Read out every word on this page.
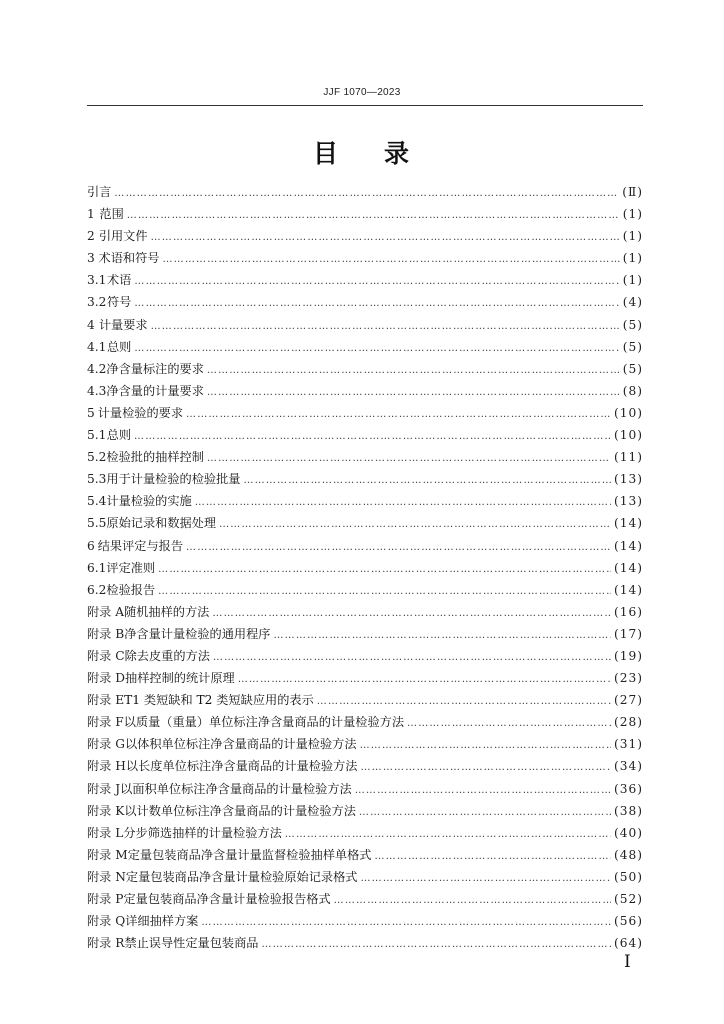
JJF 1070—2023
目 录
引言 ………………………………………………………………………………………………………………………………………………………………………………………………………………	(Ⅱ)
1 范围 ………………………………………………………………………………………………………………………………………………………………………………………………………………	(1)
2 引用文件 ………………………………………………………………………………………………………………………………………………………………………………………………………………	(1)
3 术语和符号 ………………………………………………………………………………………………………………………………………………………………………………………………………………	(1)
3.1 术语 ………………………………………………………………………………………………………………………………………………………………………………………………………………	(1)
3.2 符号 ………………………………………………………………………………………………………………………………………………………………………………………………………………	(4)
4 计量要求 ………………………………………………………………………………………………………………………………………………………………………………………………………………	(5)
4.1 总则 ………………………………………………………………………………………………………………………………………………………………………………………………………………	(5)
4.2 净含量标注的要求 ………………………………………………………………………………………………………………………………………………………………………………………………………………	(5)
4.3 净含量的计量要求 ………………………………………………………………………………………………………………………………………………………………………………………………………………	(8)
5 计量检验的要求 ………………………………………………………………………………………………………………………………………………………………………………………………………………	(10)
5.1 总则 ………………………………………………………………………………………………………………………………………………………………………………………………………………	(10)
5.2 检验批的抽样控制 ………………………………………………………………………………………………………………………………………………………………………………………………………………	(11)
5.3 用于计量检验的检验批量 ………………………………………………………………………………………………………………………………………………………………………………………………………………	(13)
5.4 计量检验的实施 ………………………………………………………………………………………………………………………………………………………………………………………………………………	(13)
5.5 原始记录和数据处理 ………………………………………………………………………………………………………………………………………………………………………………………………………………	(14)
6 结果评定与报告 ………………………………………………………………………………………………………………………………………………………………………………………………………………	(14)
6.1 评定准则 ………………………………………………………………………………………………………………………………………………………………………………………………………………	(14)
6.2 检验报告 ………………………………………………………………………………………………………………………………………………………………………………………………………………	(14)
附录 A 随机抽样的方法 ………………………………………………………………………………………………………………………………………………………………………………………………………………	(16)
附录 B 净含量计量检验的通用程序 ………………………………………………………………………………………………………………………………………………………………………………………………………………	(17)
附录 C 除去皮重的方法 ………………………………………………………………………………………………………………………………………………………………………………………………………………	(19)
附录 D 抽样控制的统计原理 ………………………………………………………………………………………………………………………………………………………………………………………………………………	(23)
附录 E T1 类短缺和 T2 类短缺应用的表示 ………………………………………………………………………………………………………………………………………………………………………………………………………………	(27)
附录 F 以质量（重量）单位标注净含量商品的计量检验方法 ………………………………………………………………………………………………………………………………………………………………………………………………………………	(28)
附录 G 以体积单位标注净含量商品的计量检验方法 ………………………………………………………………………………………………………………………………………………………………………………………………………………	(31)
附录 H 以长度单位标注净含量商品的计量检验方法 ………………………………………………………………………………………………………………………………………………………………………………………………………………	(34)
附录 J 以面积单位标注净含量商品的计量检验方法 ………………………………………………………………………………………………………………………………………………………………………………………………………………	(36)
附录 K 以计数单位标注净含量商品的计量检验方法 ………………………………………………………………………………………………………………………………………………………………………………………………………………	(38)
附录 L 分步筛选抽样的计量检验方法 ………………………………………………………………………………………………………………………………………………………………………………………………………………	(40)
附录 M 定量包装商品净含量计量监督检验抽样单格式 ………………………………………………………………………………………………………………………………………………………………………………………………………………	(48)
附录 N 定量包装商品净含量计量检验原始记录格式 ………………………………………………………………………………………………………………………………………………………………………………………………………………	(50)
附录 P 定量包装商品净含量计量检验报告格式 ………………………………………………………………………………………………………………………………………………………………………………………………………………	(52)
附录 Q 详细抽样方案 ………………………………………………………………………………………………………………………………………………………………………………………………………………	(56)
附录 R 禁止误导性定量包装商品 ………………………………………………………………………………………………………………………………………………………………………………………………………………	(64)
I
